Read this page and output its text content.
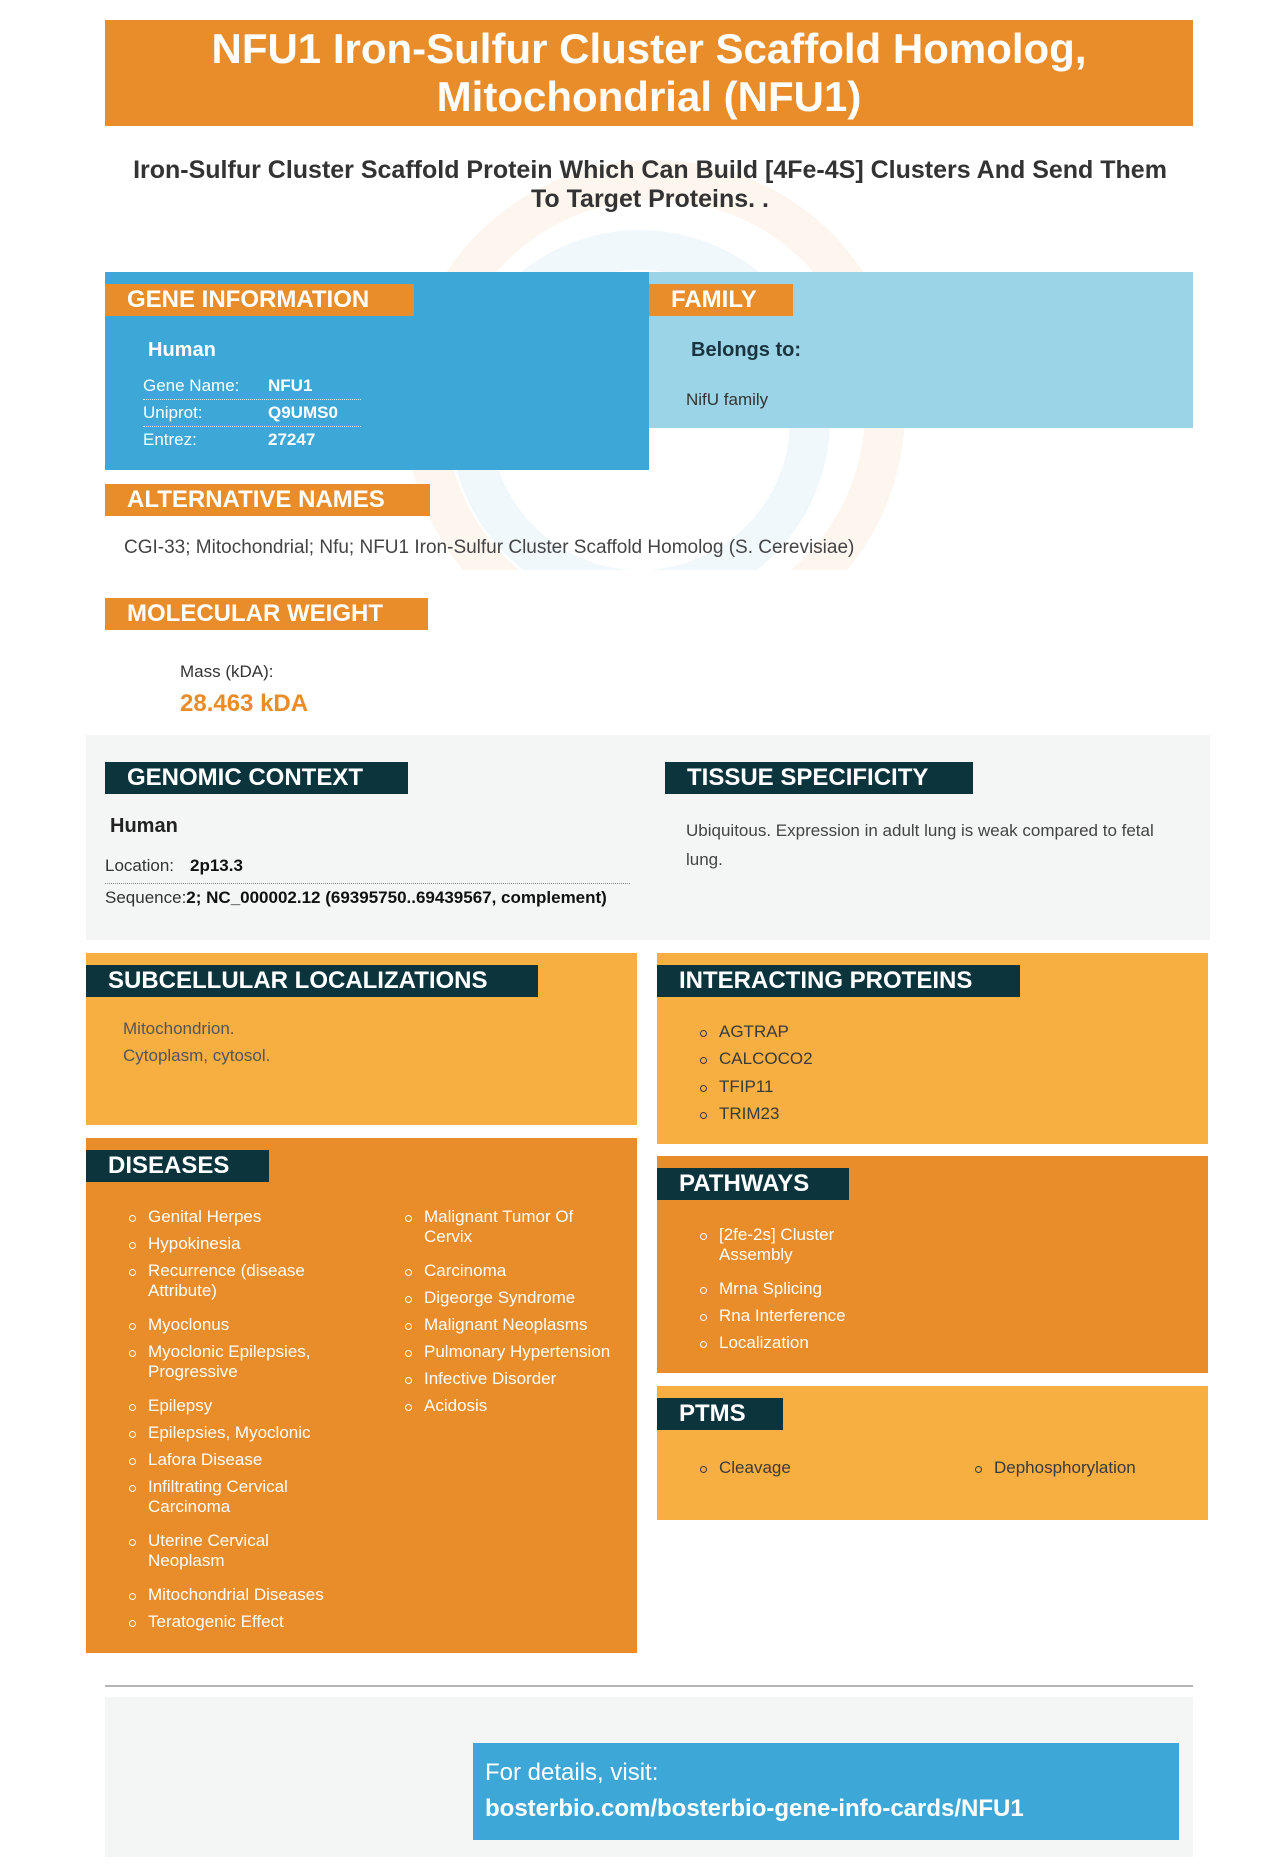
NFU1 Iron-Sulfur Cluster Scaffold Homolog,
Mitochondrial (NFU1)
Iron-Sulfur Cluster Scaffold Protein Which Can Build [4Fe-4S] Clusters And Send Them To Target Proteins. .
GENE INFORMATION
Human
Gene Name: NFU1
Uniprot:	Q9UMS0
Entrez:	27247
FAMILY
Belongs to:
NifU family
ALTERNATIVE NAMES
CGI-33; Mitochondrial; Nfu; NFU1 Iron-Sulfur Cluster Scaffold Homolog (S. Cerevisiae)
MOLECULAR WEIGHT
Mass (kDA):
28.463 kDA
GENOMIC CONTEXT
Human
Location: 2p13.3
Sequence:2; NC_000002.12 (69395750..69439567, complement)
TISSUE SPECIFICITY
Ubiquitous. Expression in adult lung is weak compared to fetal lung.
SUBCELLULAR LOCALIZATIONS
Mitochondrion.
Cytoplasm, cytosol.
INTERACTING PROTEINS
AGTRAP
CALCOCO2
TFIP11
TRIM23
DISEASES
Genital Herpes
Hypokinesia
Recurrence (disease
Attribute)
Myoclonus
Myoclonic Epilepsies,
Progressive
Epilepsy
Epilepsies, Myoclonic
Lafora Disease
Infiltrating Cervical
Carcinoma
Uterine Cervical
Neoplasm
Mitochondrial Diseases
Teratogenic Effect
Malignant Tumor Of
Cervix
Carcinoma
Digeorge Syndrome
Malignant Neoplasms
Pulmonary Hypertension
Infective Disorder
Acidosis
PATHWAYS
[2fe-2s] Cluster
Assembly
Mrna Splicing
Rna Interference
Localization
PTMS
Cleavage	Dephosphorylation
For details, visit:
bosterbio.com/bosterbio-gene-info-cards/NFU1
